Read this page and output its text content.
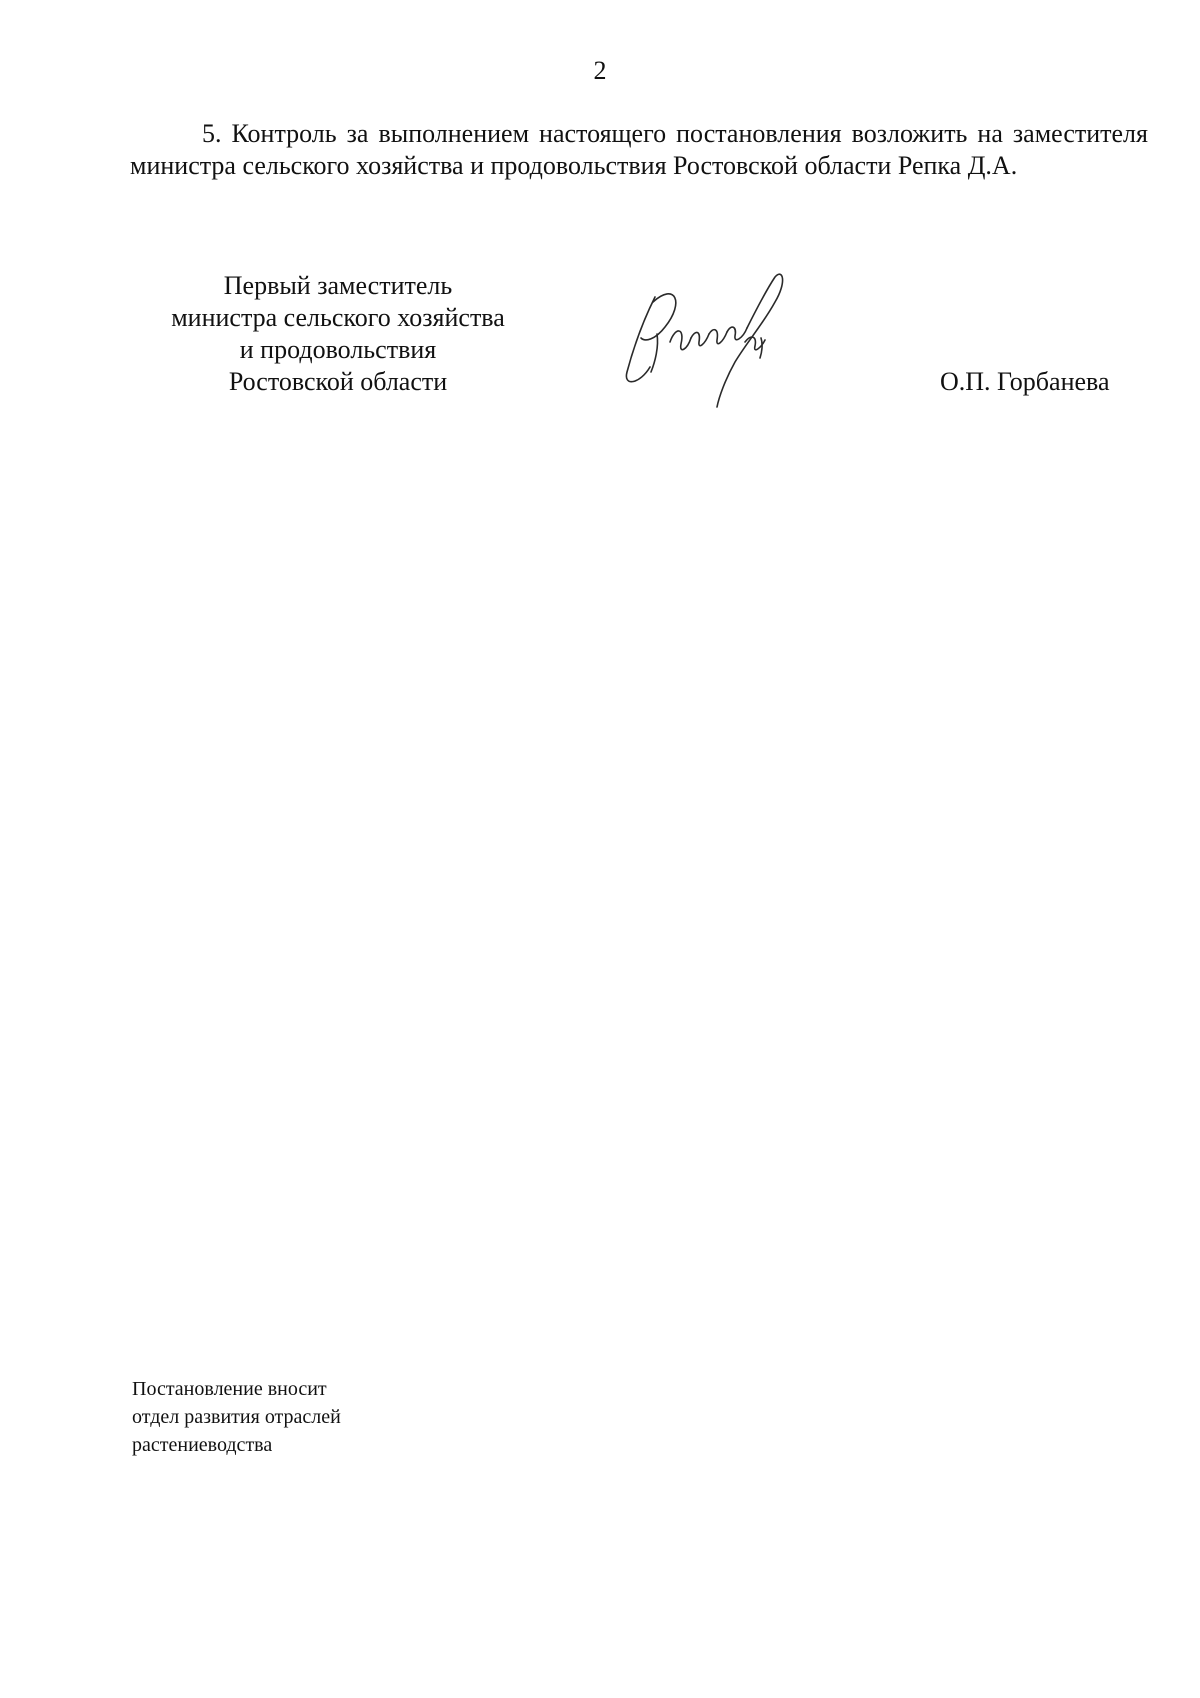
2

5. Контроль за выполнением настоящего постановления возложить на заместителя министра сельского хозяйства и продовольствия Ростовской области Репка Д.А.

Первый заместитель
министра сельского хозяйства
и продовольствия
Ростовской области	О.П. Горбанева
Постановление вносит
отдел развития отраслей
растениеводства
